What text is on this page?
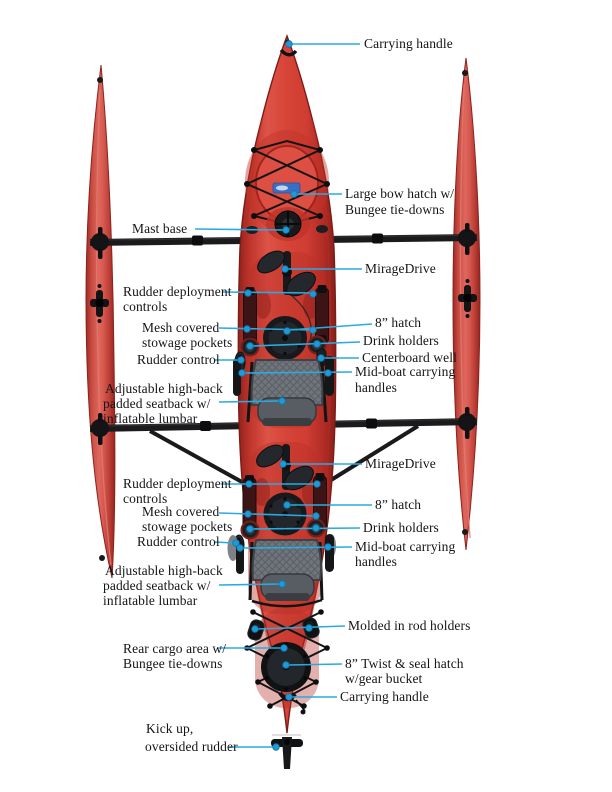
Carrying handle
Large bow hatch w/
Bungee tie-downs
Mast base
MirageDrive
Rudder deployment
controls
8” hatch
Mesh covered
stowage pockets	Drink holders
Rudder control	Centerboard well
Mid-boat carrying
handles
Adjustable high-back
padded seatback w/
inflatable lumbar
MirageDrive
Rudder deployment
controls	8” hatch
Mesh covered
stowage pockets	Drink holders
Rudder control	Mid-boat carrying
handles
Adjustable high-back
padded seatback w/
inflatable lumbar
Molded in rod holders
Rear cargo area w/
Bungee tie-downs	8” Twist & seal hatch
w/gear bucket
Carrying handle
Kick up,
oversided rudder
